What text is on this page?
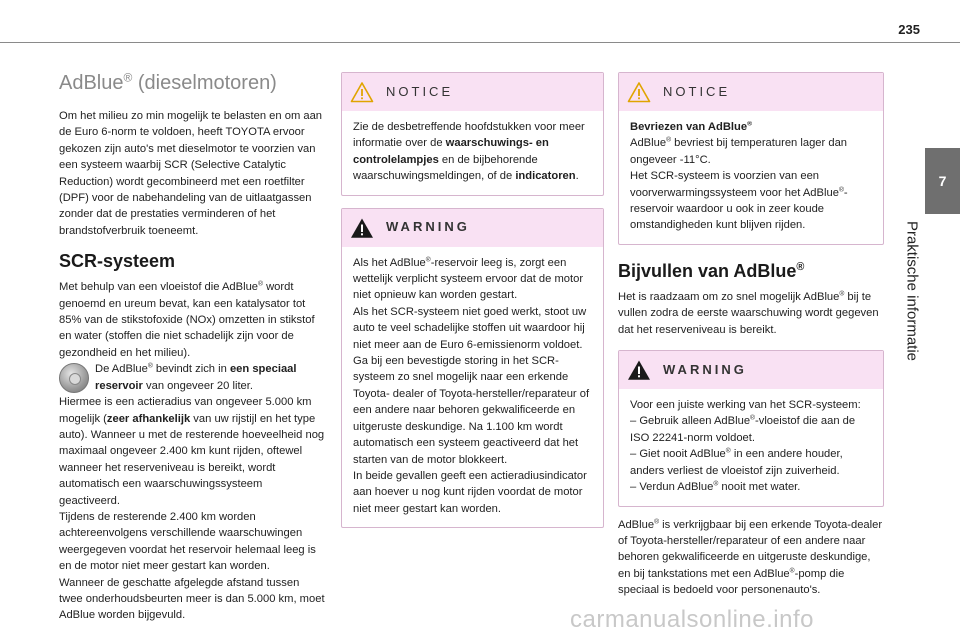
235
7
Praktische informatie
AdBlue® (dieselmotoren)

Om het milieu zo min mogelijk te belasten en om aan de Euro 6-norm te voldoen, heeft TOYOTA ervoor gekozen zijn auto's met dieselmotor te voorzien van een systeem waarbij SCR (Selective Catalytic Reduction) wordt gecombineerd met een roetfilter (DPF) voor de nabehandeling van de uitlaatgassen zonder dat de prestaties verminderen of het brandstofverbruik toeneemt.

SCR-systeem

Met behulp van een vloeistof die AdBlue® wordt genoemd en ureum bevat, kan een katalysator tot 85% van de stikstofoxide (NOx) omzetten in stikstof en water (stoffen die niet schadelijk zijn voor de gezondheid en het milieu).

De AdBlue® bevindt zich in een speciaal reservoir van ongeveer 20 liter.

Hiermee is een actieradius van ongeveer 5.000 km mogelijk (zeer afhankelijk van uw rijstijl en het type auto). Wanneer u met de resterende hoeveelheid nog maximaal ongeveer 2.400 km kunt rijden, oftewel wanneer het reserveniveau is bereikt, wordt automatisch een waarschuwingssysteem geactiveerd.

Tijdens de resterende 2.400 km worden achtereenvolgens verschillende waarschuwingen weergegeven voordat het reservoir helemaal leeg is en de motor niet meer gestart kan worden.

Wanneer de geschatte afgelegde afstand tussen twee onderhoudsbeurten meer is dan 5.000 km, moet AdBlue worden bijgevuld.

NOTICE

Zie de desbetreffende hoofdstukken voor meer informatie over de waarschuwings- en controlelampjes en de bijbehorende waarschuwingsmeldingen, of de indicatoren.

WARNING

Als het AdBlue®-reservoir leeg is, zorgt een wettelijk verplicht systeem ervoor dat de motor niet opnieuw kan worden gestart.

Als het SCR-systeem niet goed werkt, stoot uw auto te veel schadelijke stoffen uit waardoor hij niet meer aan de Euro 6-emissienorm voldoet.

Ga bij een bevestigde storing in het SCR-systeem zo snel mogelijk naar een erkende Toyota- dealer of Toyota-hersteller/reparateur of een andere naar behoren gekwalificeerde en uitgeruste deskundige. Na 1.100 km wordt automatisch een systeem geactiveerd dat het starten van de motor blokkeert.

In beide gevallen geeft een actieradiusindicator aan hoever u nog kunt rijden voordat de motor niet meer gestart kan worden.

NOTICE

Bevriezen van AdBlue®

AdBlue® bevriest bij temperaturen lager dan ongeveer -11°C.

Het SCR-systeem is voorzien van een voorverwarmingssysteem voor het AdBlue®-reservoir waardoor u ook in zeer koude omstandigheden kunt blijven rijden.

Bijvullen van AdBlue®

Het is raadzaam om zo snel mogelijk AdBlue® bij te vullen zodra de eerste waarschuwing wordt gegeven dat het reserveniveau is bereikt.

WARNING

Voor een juiste werking van het SCR-systeem:

– Gebruik alleen AdBlue®-vloeistof die aan de ISO 22241-norm voldoet.

– Giet nooit AdBlue® in een andere houder, anders verliest de vloeistof zijn zuiverheid.

– Verdun AdBlue® nooit met water.

AdBlue® is verkrijgbaar bij een erkende Toyota-dealer of Toyota-hersteller/reparateur of een andere naar behoren gekwalificeerde en uitgeruste deskundige, en bij tankstations met een AdBlue®-pomp die speciaal is bedoeld voor personenauto's.

carmanualsonline.info
